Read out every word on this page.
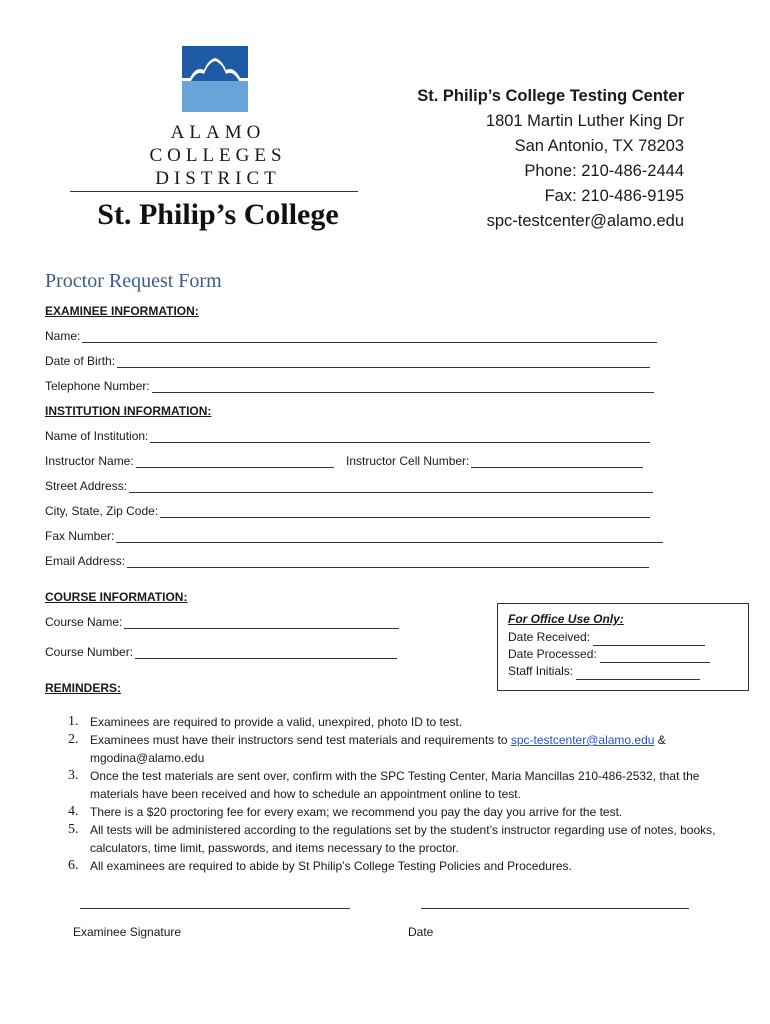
ALAMO
COLLEGES
DISTRICT
St. Philip’s College
St. Philip’s College Testing Center
1801 Martin Luther King Dr
San Antonio, TX 78203
Phone: 210-486-2444
Fax: 210-486-9195
spc-testcenter@alamo.edu
Proctor Request Form
EXAMINEE INFORMATION:
Name:
Date of Birth:
Telephone Number:
INSTITUTION INFORMATION:
Name of Institution:
Instructor Name:	Instructor Cell Number:
Street Address:
City, State, Zip Code:
Fax Number:
Email Address:
COURSE INFORMATION:
Course Name:
Course Number:
For Office Use Only:
Date Received:
Date Processed:
Staff Initials:
REMINDERS:
1. Examinees are required to provide a valid, unexpired, photo ID to test.
2. Examinees must have their instructors send test materials and requirements to spc-testcenter@alamo.edu & mgodina@alamo.edu
3. Once the test materials are sent over, confirm with the SPC Testing Center, Maria Mancillas 210-486-2532, that the materials have been received and how to schedule an appointment online to test.
4. There is a $20 proctoring fee for every exam; we recommend you pay the day you arrive for the test.
5. All tests will be administered according to the regulations set by the student’s instructor regarding use of notes, books, calculators, time limit, passwords, and items necessary to the proctor.
6. All examinees are required to abide by St Philip’s College Testing Policies and Procedures.
Examinee Signature	Date
